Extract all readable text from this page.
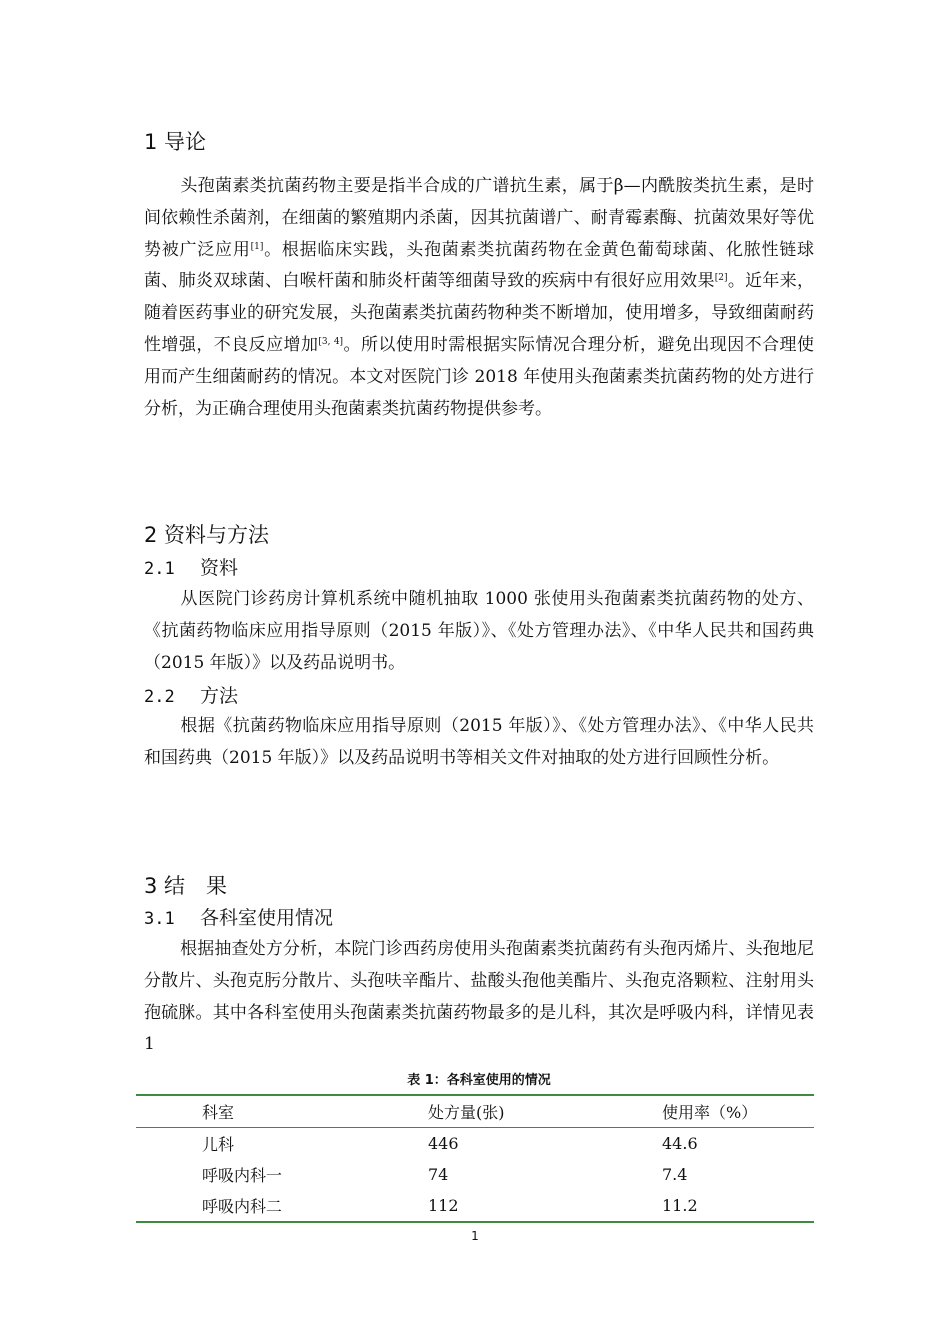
1 导论
头孢菌素类抗菌药物主要是指半合成的广谱抗生素，属于β—内酰胺类抗生素，是时间依赖性杀菌剂，在细菌的繁殖期内杀菌，因其抗菌谱广、耐青霉素酶、抗菌效果好等优势被广泛应用[1]。根据临床实践，头孢菌素类抗菌药物在金黄色葡萄球菌、化脓性链球菌、肺炎双球菌、白喉杆菌和肺炎杆菌等细菌导致的疾病中有很好应用效果[2]。近年来，随着医药事业的研究发展，头孢菌素类抗菌药物种类不断增加，使用增多，导致细菌耐药性增强，不良反应增加[3, 4]。所以使用时需根据实际情况合理分析，避免出现因不合理使用而产生细菌耐药的情况。本文对医院门诊 2018 年使用头孢菌素类抗菌药物的处方进行分析，为正确合理使用头孢菌素类抗菌药物提供参考。
2 资料与方法
2.1 资料
从医院门诊药房计算机系统中随机抽取 1000 张使用头孢菌素类抗菌药物的处方、《抗菌药物临床应用指导原则（2015 年版）》、《处方管理办法》、《中华人民共和国药典（2015 年版）》以及药品说明书。
2.2 方法
根据《抗菌药物临床应用指导原则（2015 年版）》、《处方管理办法》、《中华人民共和国药典（2015 年版）》以及药品说明书等相关文件对抽取的处方进行回顾性分析。
3 结　果
3.1 各科室使用情况
根据抽查处方分析，本院门诊西药房使用头孢菌素类抗菌药有头孢丙烯片、头孢地尼分散片、头孢克肟分散片、头孢呋辛酯片、盐酸头孢他美酯片、头孢克洛颗粒、注射用头孢硫脒。其中各科室使用头孢菌素类抗菌药物最多的是儿科，其次是呼吸内科，详情见表 1
表 1：各科室使用的情况
科室	处方量(张)	使用率（%）
儿科	446	44.6
呼吸内科一	74	7.4
呼吸内科二	112	11.2
1
